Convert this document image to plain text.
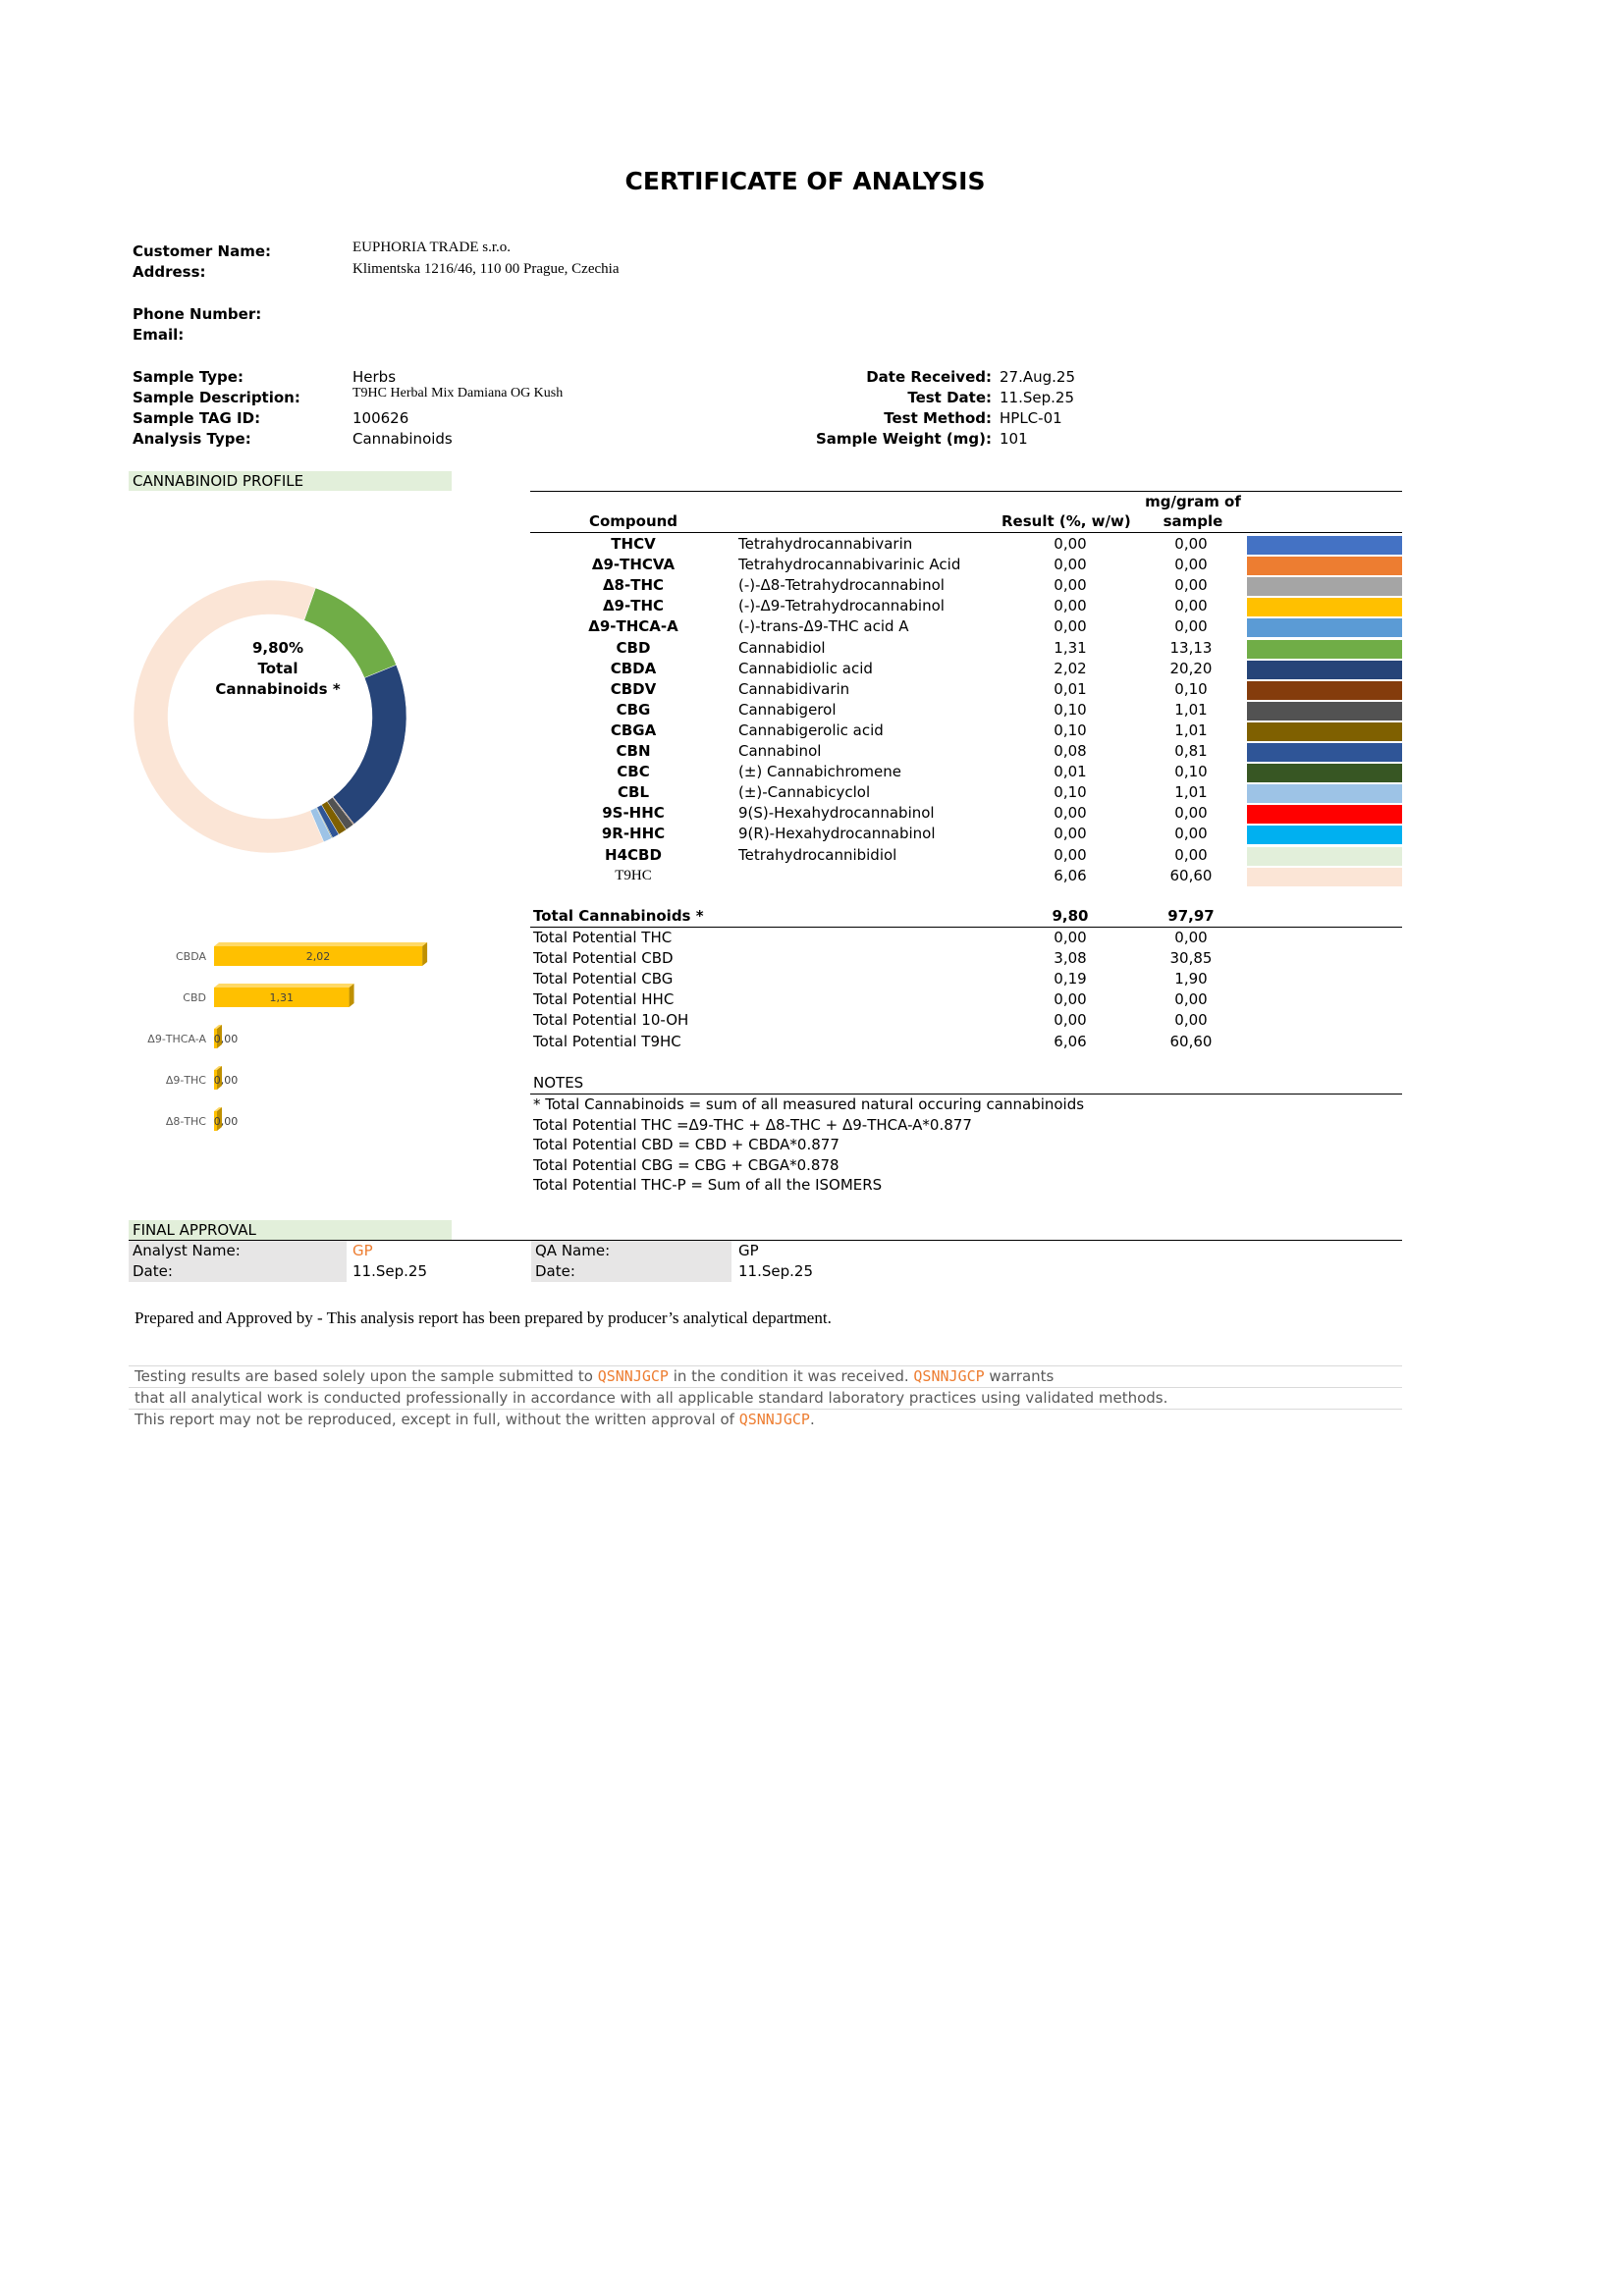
CERTIFICATE OF ANALYSIS
Customer Name:	EUPHORIA TRADE s.r.o.
Address:	Klimentska 1216/46, 110 00 Prague, Czechia
Phone Number:
Email:
Sample Type:	Herbs
Sample Description:	T9HC Herbal Mix Damiana OG Kush
Sample TAG ID:	100626
Analysis Type:	Cannabinoids
Date Received: 27.Aug.25
Test Date: 11.Sep.25
Test Method: HPLC-01
Sample Weight (mg): 101
CANNABINOID PROFILE
Compound	Result (%, w/w)
mg/gram of
sample
THCV	Tetrahydrocannabivarin	0,00	0,00
Δ9-THCVA	Tetrahydrocannabivarinic Acid	0,00	0,00
Δ8-THC	(-)-Δ8-Tetrahydrocannabinol	0,00	0,00
Δ9-THC	(-)-Δ9-Tetrahydrocannabinol	0,00	0,00
Δ9-THCA-A	(-)-trans-Δ9-THC acid A	0,00	0,00
CBD	Cannabidiol	1,31	13,13
CBDA	Cannabidiolic acid	2,02	20,20
CBDV	Cannabidivarin	0,01	0,10
CBG	Cannabigerol	0,10	1,01
CBGA	Cannabigerolic acid	0,10	1,01
CBN	Cannabinol	0,08	0,81
CBC	(±) Cannabichromene	0,01	0,10
CBL	(±)-Cannabicyclol	0,10	1,01
9S-HHC	9(S)-Hexahydrocannabinol	0,00	0,00
9R-HHC	9(R)-Hexahydrocannabinol	0,00	0,00
H4CBD	Tetrahydrocannibidiol	0,00	0,00
T9HC	6,06	60,60
Total Cannabinoids *	9,80	97,97
Total Potential THC	0,00	0,00
Total Potential CBD	3,08	30,85
Total Potential CBG	0,19	1,90
Total Potential HHC	0,00	0,00
Total Potential 10-OH	0,00	0,00
Total Potential T9HC	6,06	60,60
NOTES
* Total Cannabinoids = sum of all measured natural occuring cannabinoids
Total Potential THC =Δ9-THC + Δ8-THC + Δ9-THCA-A*0.877
Total Potential CBD = CBD + CBDA*0.877
Total Potential CBG = CBG + CBGA*0.878
Total Potential THC-P = Sum of all the ISOMERS
9,80%
Total
Cannabinoids *
CBDA	2,02
CBD	1,31
Δ9-THCA-A 0,00
Δ9-THC 0,00
Δ8-THC 0,00
FINAL APPROVAL
Analyst Name:	GP
Date:	11.Sep.25
QA Name:	GP
Date:	11.Sep.25
Prepared and Approved by - This analysis report has been prepared by producer’s analytical department.
Testing results are based solely upon the sample submitted to QSNNJGCP in the condition it was received. QSNNJGCP warrants
that all analytical work is conducted professionally in accordance with all applicable standard laboratory practices using validated methods.
This report may not be reproduced, except in full, without the written approval of QSNNJGCP.
